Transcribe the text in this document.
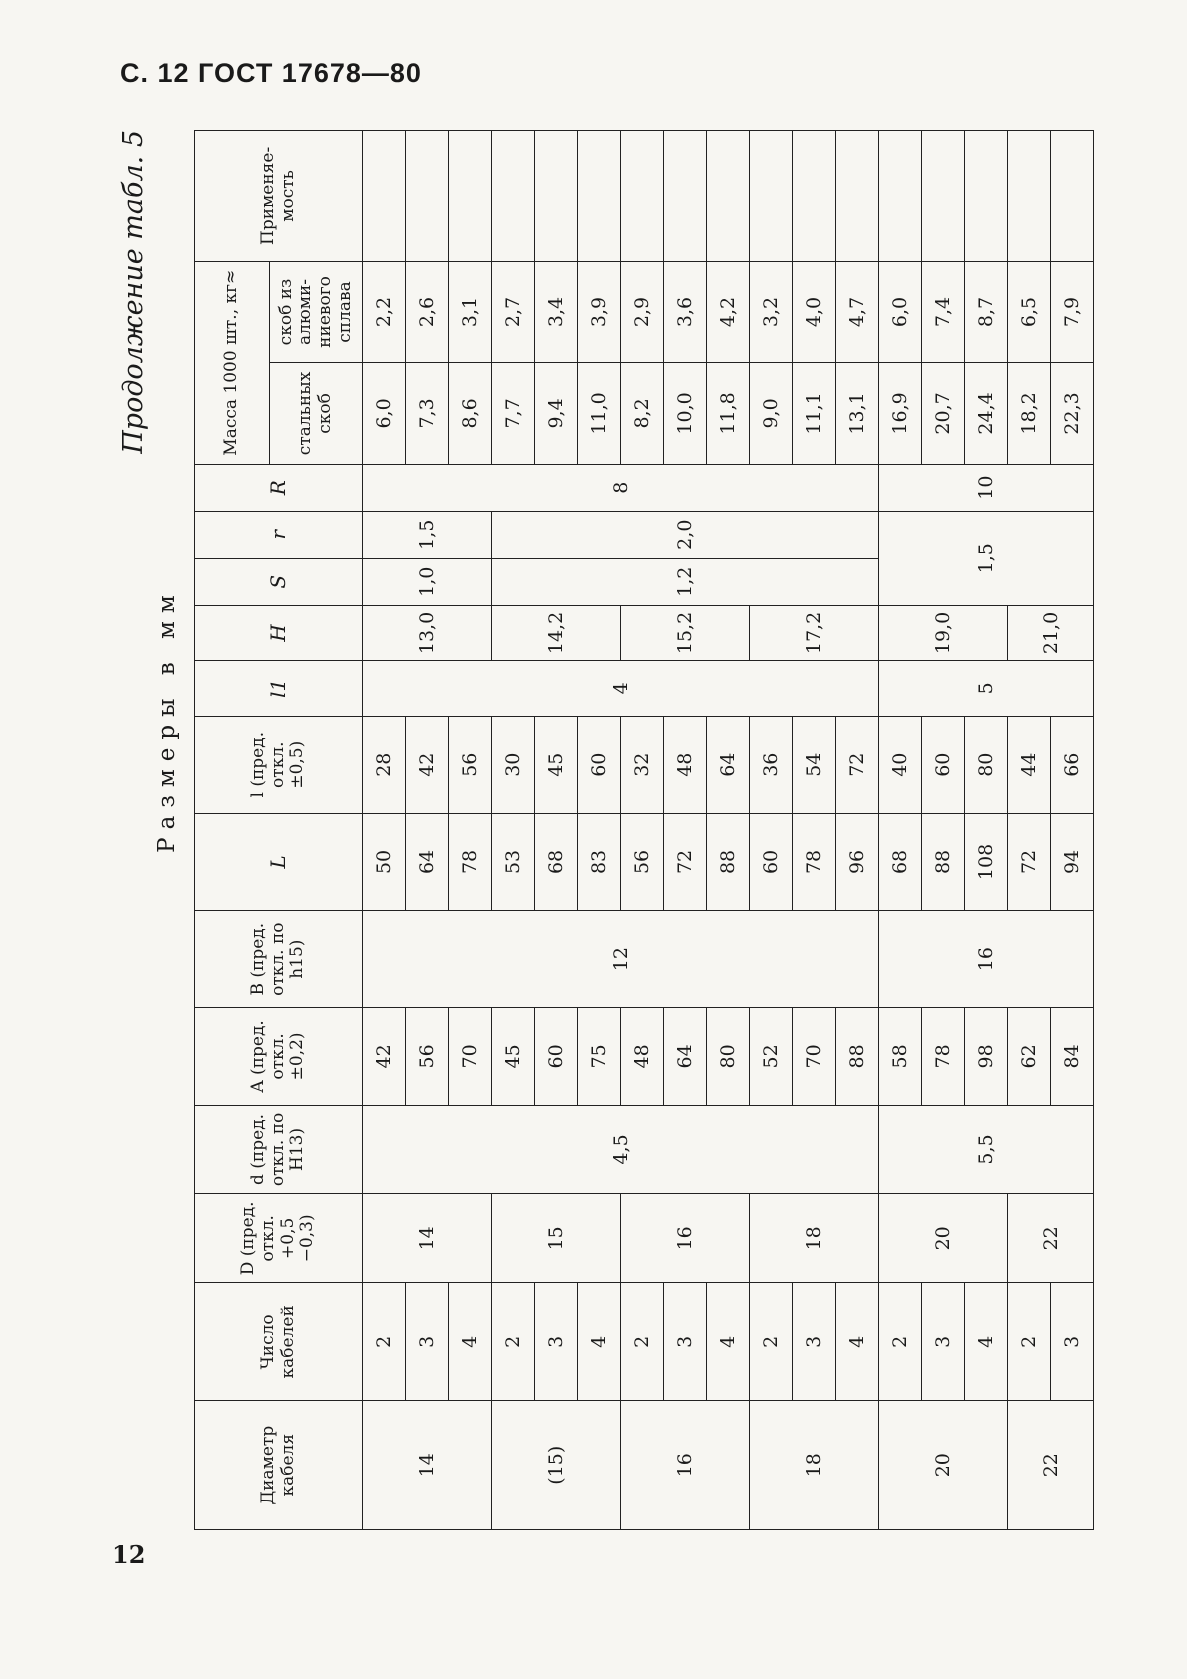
С. 12 ГОСТ 17678—80
Продолжение табл. 5
Размеры в мм
Диаметр кабеля	Число кабелей	D (пред. откл. +0,5 −0,3)	d (пред. откл. по H13)	A (пред. откл. ±0,2)	B (пред. откл. по h15)	L	l (пред. откл. ±0,5)	l1	H	S	r	R	Масса 1000 шт., кг≈		Применяе-мость
													стальных скоб	скоб из алюми-ниевого сплава	
14	2	14	4,5	42	12	50	28	4	13,0	1,0	1,5	8	6,0	2,2	
	3			56		64	42						7,3	2,6	
	4			70		78	56						8,6	3,1	
(15)	2	15		45		53	30		14,2	1,2	2,0		7,7	2,7	
	3			60		68	45						9,4	3,4	
	4			75		83	60						11,0	3,9	
16	2	16		48		56	32		15,2				8,2	2,9	
	3			64		72	48						10,0	3,6	
	4			80		88	64						11,8	4,2	
18	2	18		52		60	36		17,2				9,0	3,2	
	3			70		78	54						11,1	4,0	
	4			88		96	72						13,1	4,7	
20	2	20	5,5	58	16	68	40	5	19,0	1,5		10	16,9	6,0	
	3			78		88	60						20,7	7,4	
	4			98		108	80						24,4	8,7	
22	2	22		62		72	44		21,0				18,2	6,5	
	3			84		94	66						22,3	7,9	
12
